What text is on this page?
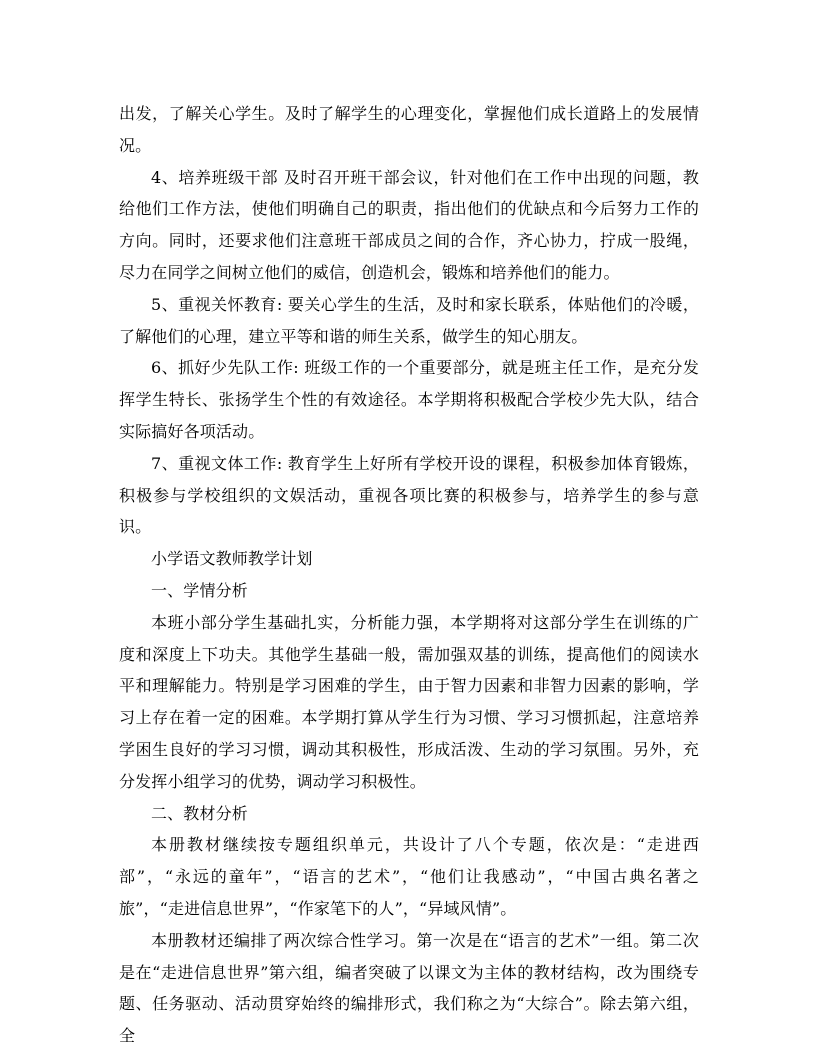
出发，了解关心学生。及时了解学生的心理变化，掌握他们成长道路上的发展情况。

4、培养班级干部 及时召开班干部会议，针对他们在工作中出现的问题，教给他们工作方法，使他们明确自己的职责，指出他们的优缺点和今后努力工作的方向。同时，还要求他们注意班干部成员之间的合作，齐心协力，拧成一股绳，尽力在同学之间树立他们的威信，创造机会，锻炼和培养他们的能力。

5、重视关怀教育: 要关心学生的生活，及时和家长联系，体贴他们的冷暖，了解他们的心理，建立平等和谐的师生关系，做学生的知心朋友。

6、抓好少先队工作: 班级工作的一个重要部分，就是班主任工作，是充分发挥学生特长、张扬学生个性的有效途径。本学期将积极配合学校少先大队，结合实际搞好各项活动。

7、重视文体工作: 教育学生上好所有学校开设的课程，积极参加体育锻炼，积极参与学校组织的文娱活动，重视各项比赛的积极参与，培养学生的参与意识。

小学语文教师教学计划

一、学情分析

本班小部分学生基础扎实，分析能力强，本学期将对这部分学生在训练的广度和深度上下功夫。其他学生基础一般，需加强双基的训练，提高他们的阅读水平和理解能力。特别是学习困难的学生，由于智力因素和非智力因素的影响，学习上存在着一定的困难。本学期打算从学生行为习惯、学习习惯抓起，注意培养学困生良好的学习习惯，调动其积极性，形成活泼、生动的学习氛围。另外，充分发挥小组学习的优势，调动学习积极性。

二、教材分析

本册教材继续按专题组织单元，共设计了八个专题，依次是：“走进西部”，“永远的童年”，“语言的艺术”，“他们让我感动”，“中国古典名著之旅”，“走进信息世界”，“作家笔下的人”，“异域风情”。

本册教材还编排了两次综合性学习。第一次是在“语言的艺术”一组。第二次是在“走进信息世界”第六组，编者突破了以课文为主体的教材结构，改为围绕专题、任务驱动、活动贯穿始终的编排形式，我们称之为“大综合”。除去第六组，全
